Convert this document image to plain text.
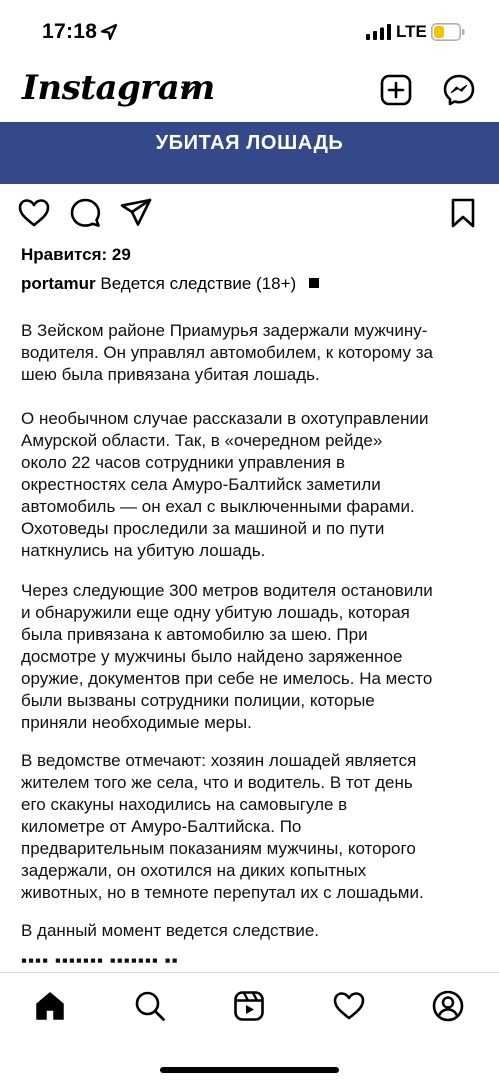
17:18	LTE
Instagram
УБИТАЯ ЛОШАДЬ
Нравится: 29
portamur Ведется следствие (18+)
В Зейском районе Приамурья задержали мужчину-
водителя. Он управлял автомобилем, к которому за
шею была привязана убитая лошадь.
О необычном случае рассказали в охотуправлении
Амурской области. Так, в «очередном рейде»
около 22 часов сотрудники управления в
окрестностях села Амуро-Балтийск заметили
автомобиль — он ехал с выключенными фарами.
Охотоведы проследили за машиной и по пути
наткнулись на убитую лошадь.
Через следующие 300 метров водителя остановили
и обнаружили еще одну убитую лошадь, которая
была привязана к автомобилю за шею. При
досмотре у мужчины было найдено заряженное
оружие, документов при себе не имелось. На место
были вызваны сотрудники полиции, которые
приняли необходимые меры.
В ведомстве отмечают: хозяин лошадей является
жителем того же села, что и водитель. В тот день
его скакуны находились на самовыгуле в
километре от Амуро-Балтийска. По
предварительным показаниям мужчины, которого
задержали, он охотился на диких копытных
животных, но в темноте перепутал их с лошадьми.
В данный момент ведется следствие.
▪▪▪▪ ▪▪▪▪▪▪▪ ▪▪▪▪▪▪▪ ▪▪
